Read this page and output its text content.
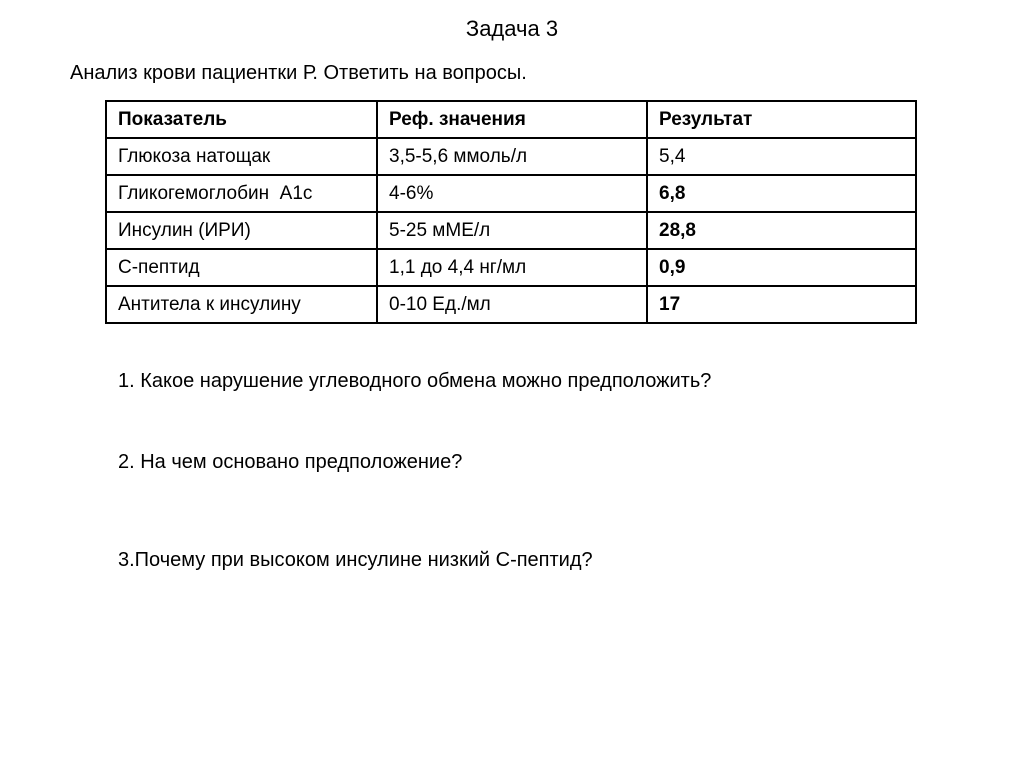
Задача 3
Анализ крови пациентки Р. Ответить на вопросы.
Показатель	Реф. значения	Результат
Глюкоза натощак	3,5-5,6 ммоль/л	5,4
Гликогемоглобин  А1с	4-6%	6,8
Инсулин (ИРИ)	5-25 мМЕ/л	28,8
С-пептид	1,1 до 4,4 нг/мл	0,9
Антитела к инсулину	0-10 Ед./мл	17
1. Какое нарушение углеводного обмена можно предположить?
2. На чем основано предположение?
3.Почему при высоком инсулине низкий С-пептид?
